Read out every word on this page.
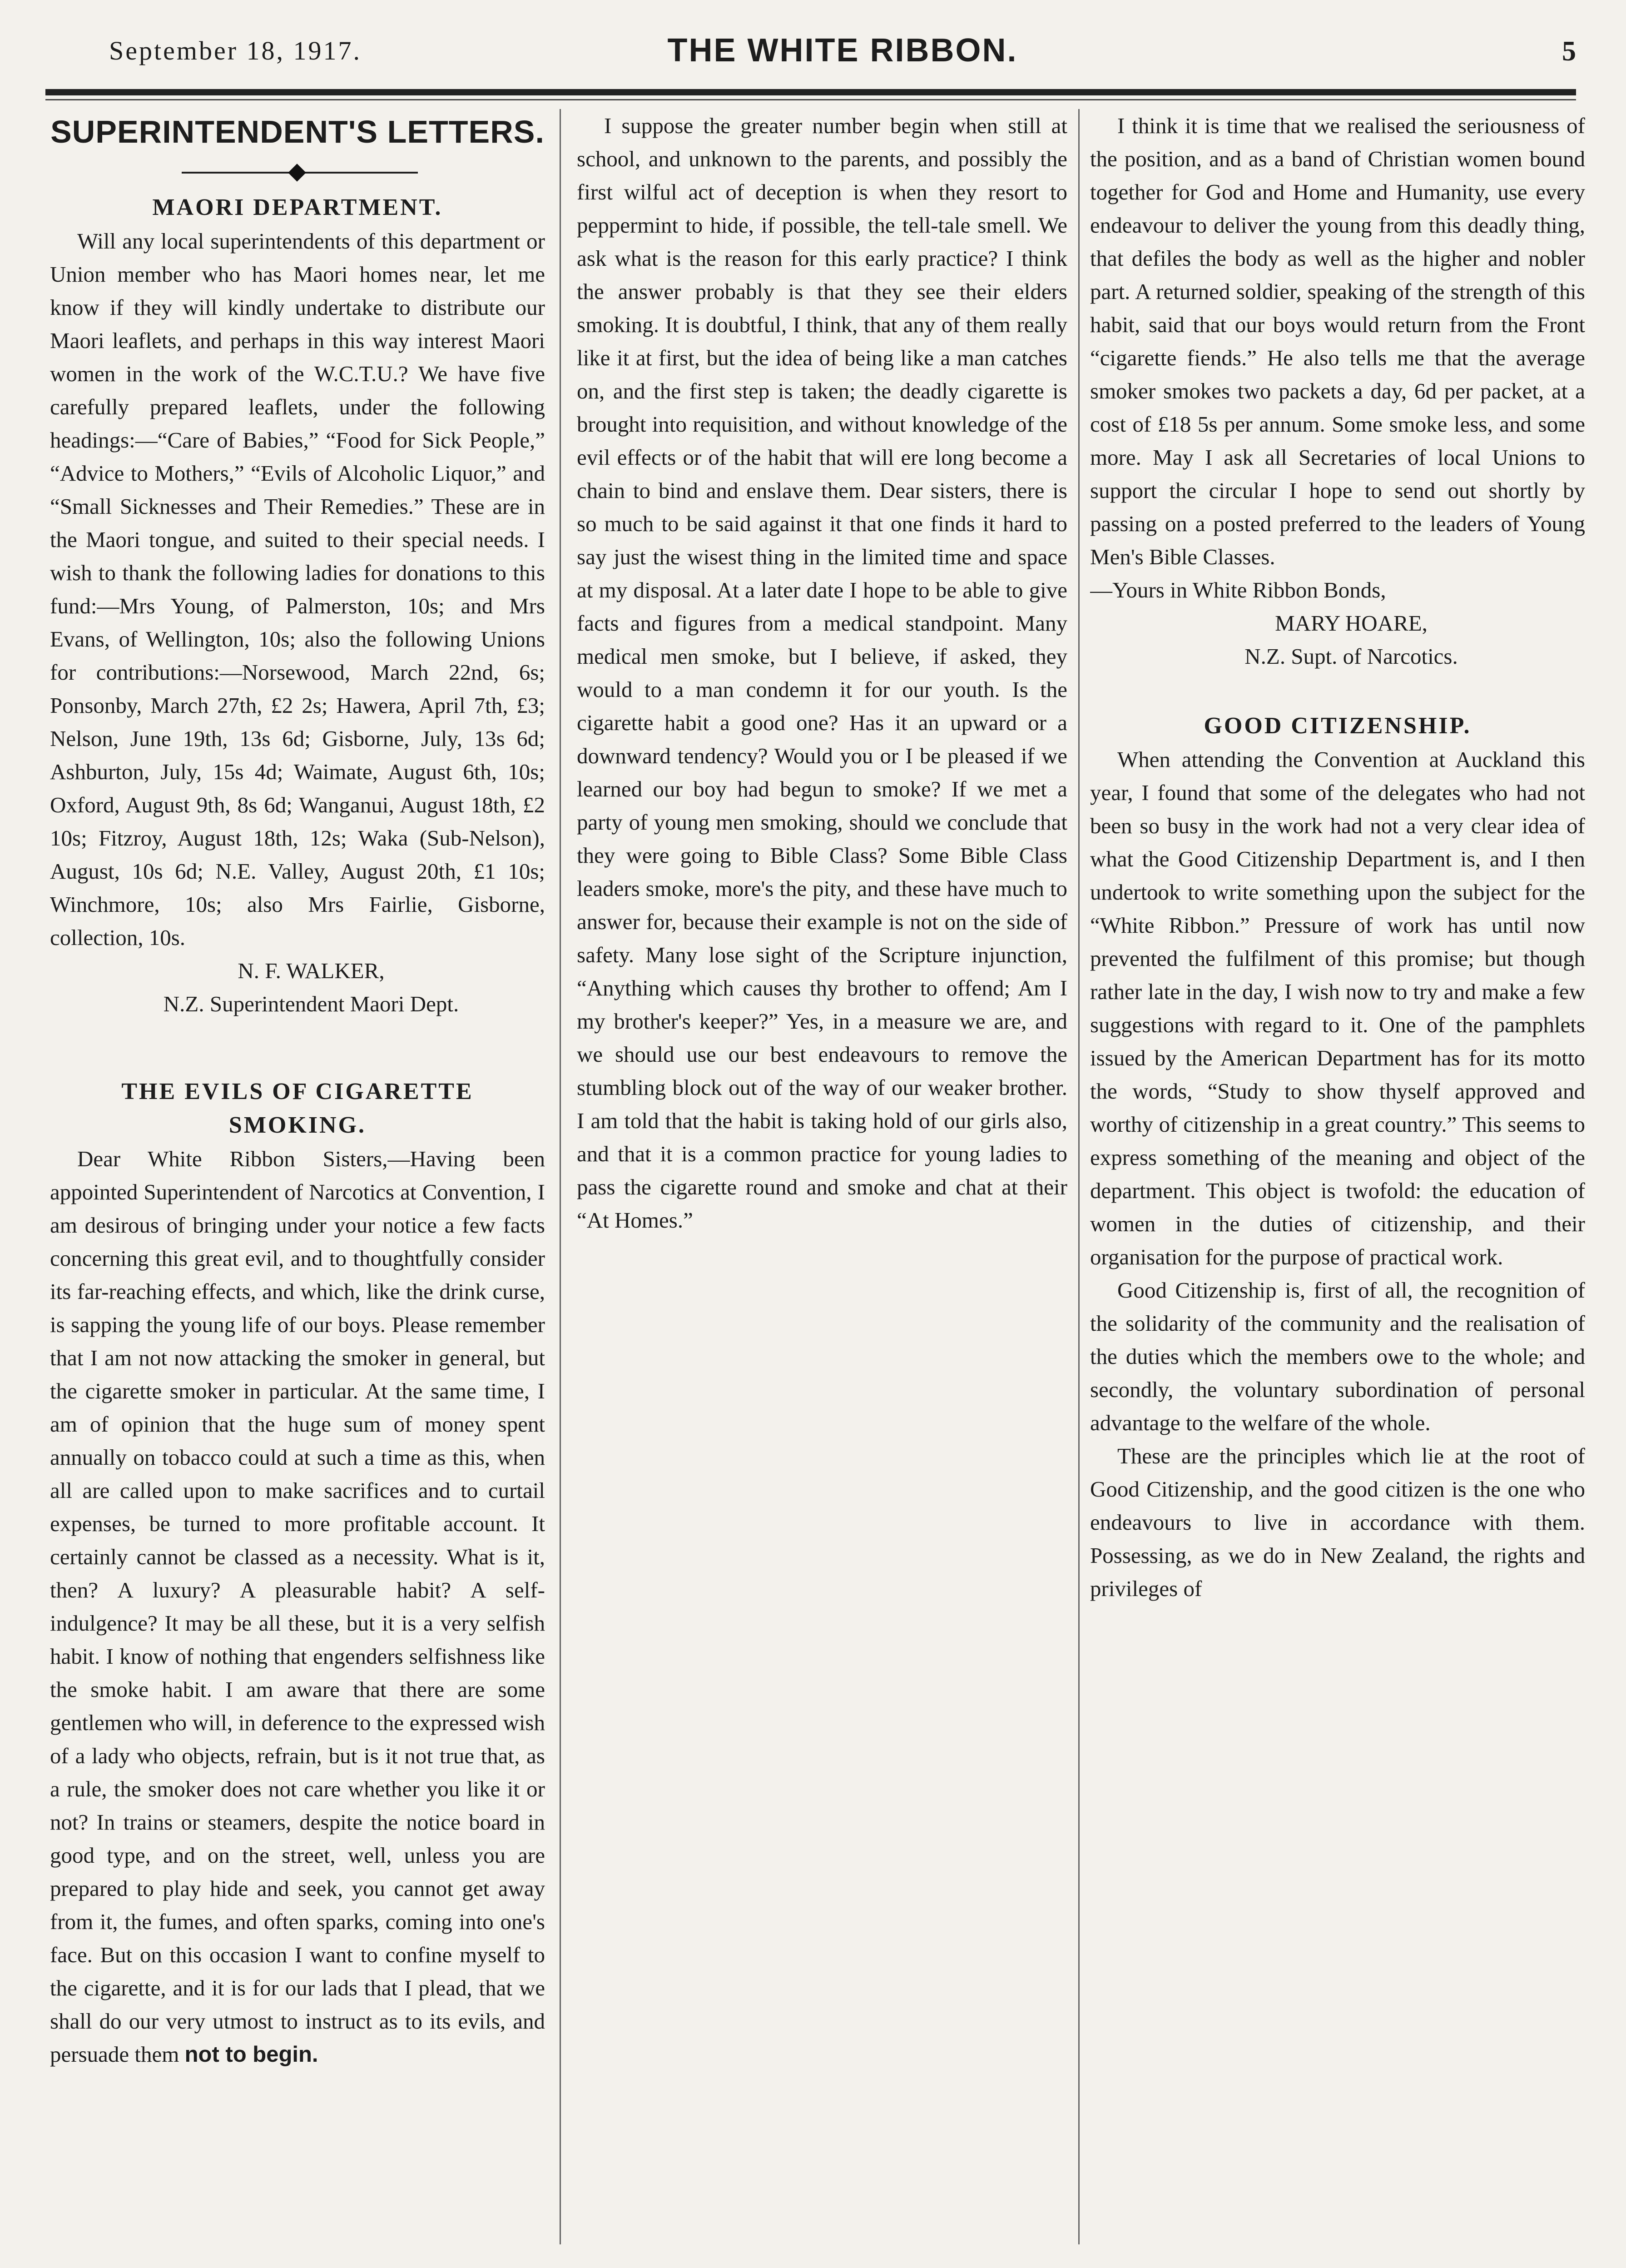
September 18, 1917.	THE WHITE RIBBON.	5
SUPERINTENDENT'S LETTERS.
MAORI DEPARTMENT.

Will any local superintendents of this department or Union member who has Maori homes near, let me know if they will kindly undertake to distribute our Maori leaflets, and perhaps in this way interest Maori women in the work of the W.C.T.U.? We have five carefully prepared leaflets, under the following headings:—“Care of Babies,” “Food for Sick People,” “Advice to Mothers,” “Evils of Alcoholic Liquor,” and “Small Sicknesses and Their Remedies.” These are in the Maori tongue, and suited to their special needs. I wish to thank the following ladies for donations to this fund:—Mrs Young, of Palmerston, 10s; and Mrs Evans, of Wellington, 10s; also the following Unions for contributions:—Norsewood, March 22nd, 6s; Ponsonby, March 27th, £2 2s; Hawera, April 7th, £3; Nelson, June 19th, 13s 6d; Gisborne, July, 13s 6d; Ashburton, July, 15s 4d; Waimate, August 6th, 10s; Oxford, August 9th, 8s 6d; Wanganui, August 18th, £2 10s; Fitzroy, August 18th, 12s; Waka (Sub-Nelson), August, 10s 6d; N.E. Valley, August 20th, £1 10s; Winchmore, 10s; also Mrs Fairlie, Gisborne, collection, 10s.

N. F. WALKER,

N.Z. Superintendent Maori Dept.

THE EVILS OF CIGARETTE
SMOKING.

Dear White Ribbon Sisters,—Having been appointed Superintendent of Narcotics at Convention, I am desirous of bringing under your notice a few facts concerning this great evil, and to thoughtfully consider its far-reaching effects, and which, like the drink curse, is sapping the young life of our boys. Please remember that I am not now attacking the smoker in general, but the cigarette smoker in particular. At the same time, I am of opinion that the huge sum of money spent annually on tobacco could at such a time as this, when all are called upon to make sacrifices and to curtail expenses, be turned to more profitable account. It certainly cannot be classed as a necessity. What is it, then? A luxury? A pleasurable habit? A self-indulgence? It may be all these, but it is a very selfish habit. I know of nothing that engenders selfishness like the smoke habit. I am aware that there are some gentlemen who will, in deference to the expressed wish of a lady who objects, refrain, but is it not true that, as a rule, the smoker does not care whether you like it or not? In trains or steamers, despite the notice board in good type, and on the street, well, unless you are prepared to play hide and seek, you cannot get away from it, the fumes, and often sparks, coming into one's face. But on this occasion I want to confine myself to the cigarette, and it is for our lads that I plead, that we shall do our very utmost to instruct as to its evils, and persuade them not to begin.

I suppose the greater number begin when still at school, and unknown to the parents, and possibly the first wilful act of deception is when they resort to peppermint to hide, if possible, the tell-tale smell. We ask what is the reason for this early practice? I think the answer probably is that they see their elders smoking. It is doubtful, I think, that any of them really like it at first, but the idea of being like a man catches on, and the first step is taken; the deadly cigarette is brought into requisition, and without knowledge of the evil effects or of the habit that will ere long become a chain to bind and enslave them. Dear sisters, there is so much to be said against it that one finds it hard to say just the wisest thing in the limited time and space at my disposal. At a later date I hope to be able to give facts and figures from a medical standpoint. Many medical men smoke, but I believe, if asked, they would to a man condemn it for our youth. Is the cigarette habit a good one? Has it an upward or a downward tendency? Would you or I be pleased if we learned our boy had begun to smoke? If we met a party of young men smoking, should we conclude that they were going to Bible Class? Some Bible Class leaders smoke, more's the pity, and these have much to answer for, because their example is not on the side of safety. Many lose sight of the Scripture injunction, “Anything which causes thy brother to offend; Am I my brother's keeper?” Yes, in a measure we are, and we should use our best endeavours to remove the stumbling block out of the way of our weaker brother. I am told that the habit is taking hold of our girls also, and that it is a common practice for young ladies to pass the cigarette round and smoke and chat at their “At Homes.”

I think it is time that we realised the seriousness of the position, and as a band of Christian women bound together for God and Home and Humanity, use every endeavour to deliver the young from this deadly thing, that defiles the body as well as the higher and nobler part. A returned soldier, speaking of the strength of this habit, said that our boys would return from the Front “cigarette fiends.” He also tells me that the average smoker smokes two packets a day, 6d per packet, at a cost of £18 5s per annum. Some smoke less, and some more. May I ask all Secretaries of local Unions to support the circular I hope to send out shortly by passing on a posted preferred to the leaders of Young Men's Bible Classes.

—Yours in White Ribbon Bonds,

MARY HOARE,

N.Z. Supt. of Narcotics.

GOOD CITIZENSHIP.

When attending the Convention at Auckland this year, I found that some of the delegates who had not been so busy in the work had not a very clear idea of what the Good Citizenship Department is, and I then undertook to write something upon the subject for the “White Ribbon.” Pressure of work has until now prevented the fulfilment of this promise; but though rather late in the day, I wish now to try and make a few suggestions with regard to it. One of the pamphlets issued by the American Department has for its motto the words, “Study to show thyself approved and worthy of citizenship in a great country.” This seems to express something of the meaning and object of the department. This object is twofold: the education of women in the duties of citizenship, and their organisation for the purpose of practical work.

Good Citizenship is, first of all, the recognition of the solidarity of the community and the realisation of the duties which the members owe to the whole; and secondly, the voluntary subordination of personal advantage to the welfare of the whole.

These are the principles which lie at the root of Good Citizenship, and the good citizen is the one who endeavours to live in accordance with them. Possessing, as we do in New Zealand, the rights and privileges of
